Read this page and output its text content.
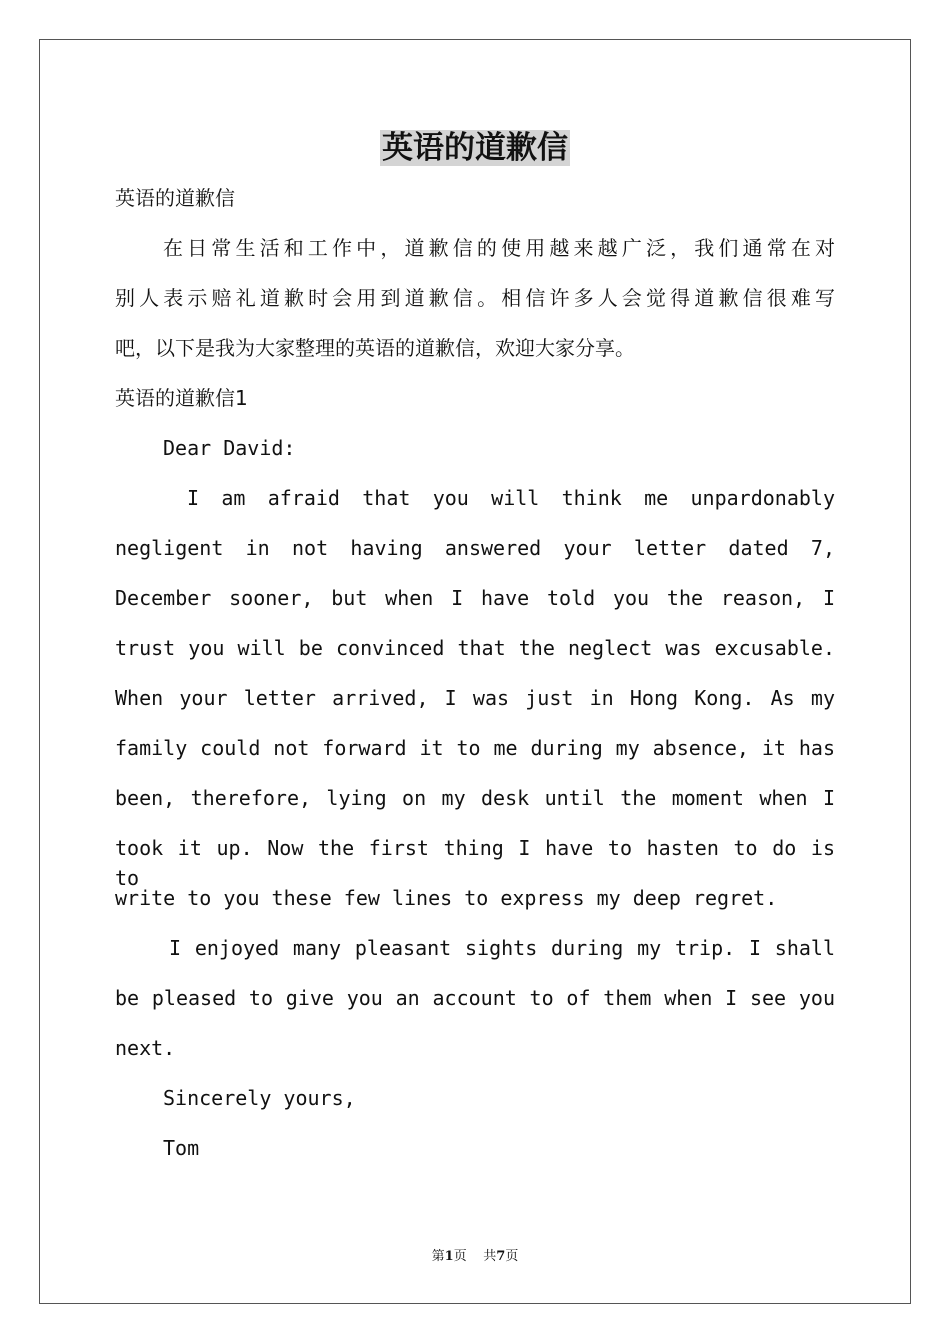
英语的道歉信

英语的道歉信

在日常生活和工作中，道歉信的使用越来越广泛，我们通常在对

别人表示赔礼道歉时会用到道歉信。相信许多人会觉得道歉信很难写

吧，以下是我为大家整理的英语的道歉信，欢迎大家分享。

英语的道歉信1

Dear David:

I am afraid that you will think me unpardonably

negligent in not having answered your letter dated 7,

December sooner, but when I have told you the reason, I

trust you will be convinced that the neglect was excusable.

When your letter arrived, I was just in Hong Kong. As my

family could not forward it to me during my absence, it has

been, therefore, lying on my desk until the moment when I

took it up. Now the first thing I have to hasten to do is to

write to you these few lines to express my deep regret.

I enjoyed many pleasant sights during my trip. I shall

be pleased to give you an account to of them when I see you

next.

Sincerely yours,

Tom

第1页 共7页
